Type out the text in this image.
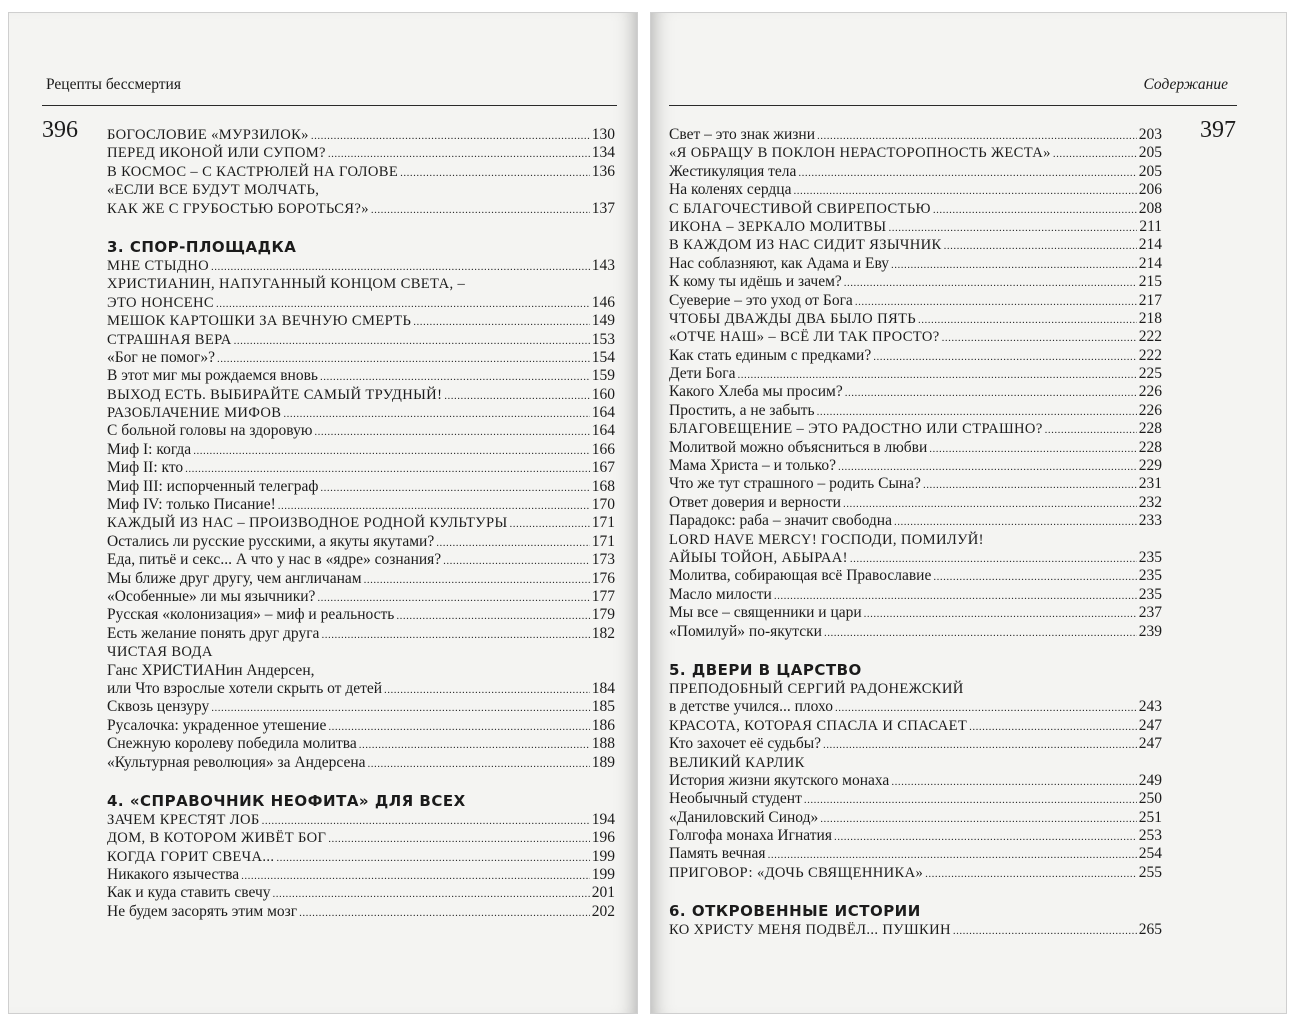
Рецепты бессмертия
396 БОГОСЛОВИЕ «МУРЗИЛОК» .....	130
ПЕРЕД ИКОНОЙ ИЛИ СУПОМ? .....	134
В КОСМОС – С КАСТРЮЛЕЙ НА ГОЛОВЕ .....	136
«ЕСЛИ ВСЕ БУДУТ МОЛЧАТЬ,
КАК ЖЕ С ГРУБОСТЬЮ БОРОТЬСЯ?» .....	137
3. СПОР-ПЛОЩАДКА
МНЕ СТЫДНО .....	143
ХРИСТИАНИН, НАПУГАННЫЙ КОНЦОМ СВЕТА, –
ЭТО НОНСЕНС .....	146
МЕШОК КАРТОШКИ ЗА ВЕЧНУЮ СМЕРТЬ .....	149
СТРАШНАЯ ВЕРА .....	153
«Бог не помог»? .....	154
В этот миг мы рождаемся вновь .....	159
ВЫХОД ЕСТЬ. ВЫБИРАЙТЕ САМЫЙ ТРУДНЫЙ! .....	160
РАЗОБЛАЧЕНИЕ МИФОВ .....	164
С больной головы на здоровую .....	164
Миф I: когда .....	166
Миф II: кто .....	167
Миф III: испорченный телеграф .....	168
Миф IV: только Писание! .....	170
КАЖДЫЙ ИЗ НАС – ПРОИЗВОДНОЕ РОДНОЙ КУЛЬТУРЫ .....	171
Остались ли русские русскими, а якуты якутами? .....	171
Еда, питьё и секс... А что у нас в «ядре» сознания? .....	173
Мы ближе друг другу, чем англичанам .....	176
«Особенные» ли мы язычники? .....	177
Русская «колонизация» – миф и реальность .....	179
Есть желание понять друг друга .....	182
ЧИСТАЯ ВОДА
Ганс ХРИСТИАНин Андерсен,
или Что взрослые хотели скрыть от детей .....	184
Сквозь цензуру .....	185
Русалочка: украденное утешение .....	186
Снежную королеву победила молитва .....	188
«Культурная революция» за Андерсена .....	189
4. «СПРАВОЧНИК НЕОФИТА» ДЛЯ ВСЕХ
ЗАЧЕМ КРЕСТЯТ ЛОБ .....	194
ДОМ, В КОТОРОМ ЖИВЁТ БОГ .....	196
КОГДА ГОРИТ СВЕЧА... .....	199
Никакого язычества .....	199
Как и куда ставить свечу .....	201
Не будем засорять этим мозг .....	202
Содержание
397
Свет – это знак жизни .....	203
«Я ОБРАЩУ В ПОКЛОН НЕРАСТОРОПНОСТЬ ЖЕСТА» .....	205
Жестикуляция тела .....	205
На коленях сердца .....	206
С БЛАГОЧЕСТИВОЙ СВИРЕПОСТЬЮ .....	208
ИКОНА – ЗЕРКАЛО МОЛИТВЫ .....	211
В КАЖДОМ ИЗ НАС СИДИТ ЯЗЫЧНИК .....	214
Нас соблазняют, как Адама и Еву .....	214
К кому ты идёшь и зачем? .....	215
Суеверие – это уход от Бога .....	217
ЧТОБЫ ДВАЖДЫ ДВА БЫЛО ПЯТЬ .....	218
«ОТЧЕ НАШ» – ВСЁ ЛИ ТАК ПРОСТО? .....	222
Как стать единым с предками? .....	222
Дети Бога .....	225
Какого Хлеба мы просим? .....	226
Простить, а не забыть .....	226
БЛАГОВЕЩЕНИЕ – ЭТО РАДОСТНО ИЛИ СТРАШНО? .....	228
Молитвой можно объясниться в любви .....	228
Мама Христа – и только? .....	229
Что же тут страшного – родить Сына? .....	231
Ответ доверия и верности .....	232
Парадокс: раба – значит свободна .....	233
LORD HAVE MERCY! ГОСПОДИ, ПОМИЛУЙ!
АЙЫЫ ТОЙОН, АБЫРАА! .....	235
Молитва, собирающая всё Православие .....	235
Масло милости .....	235
Мы все – священники и цари .....	237
«Помилуй» по-якутски .....	239
5. ДВЕРИ В ЦАРСТВО
ПРЕПОДОБНЫЙ СЕРГИЙ РАДОНЕЖСКИЙ
в детстве учился... плохо .....	243
КРАСОТА, КОТОРАЯ СПАСЛА И СПАСАЕТ .....	247
Кто захочет её судьбы? .....	247
ВЕЛИКИЙ КАРЛИК
История жизни якутского монаха .....	249
Необычный студент .....	250
«Даниловский Синод» .....	251
Голгофа монаха Игнатия .....	253
Память вечная .....	254
ПРИГОВОР: «ДОЧЬ СВЯЩЕННИКА» .....	255
6. ОТКРОВЕННЫЕ ИСТОРИИ
КО ХРИСТУ МЕНЯ ПОДВЁЛ... ПУШКИН .....	265
